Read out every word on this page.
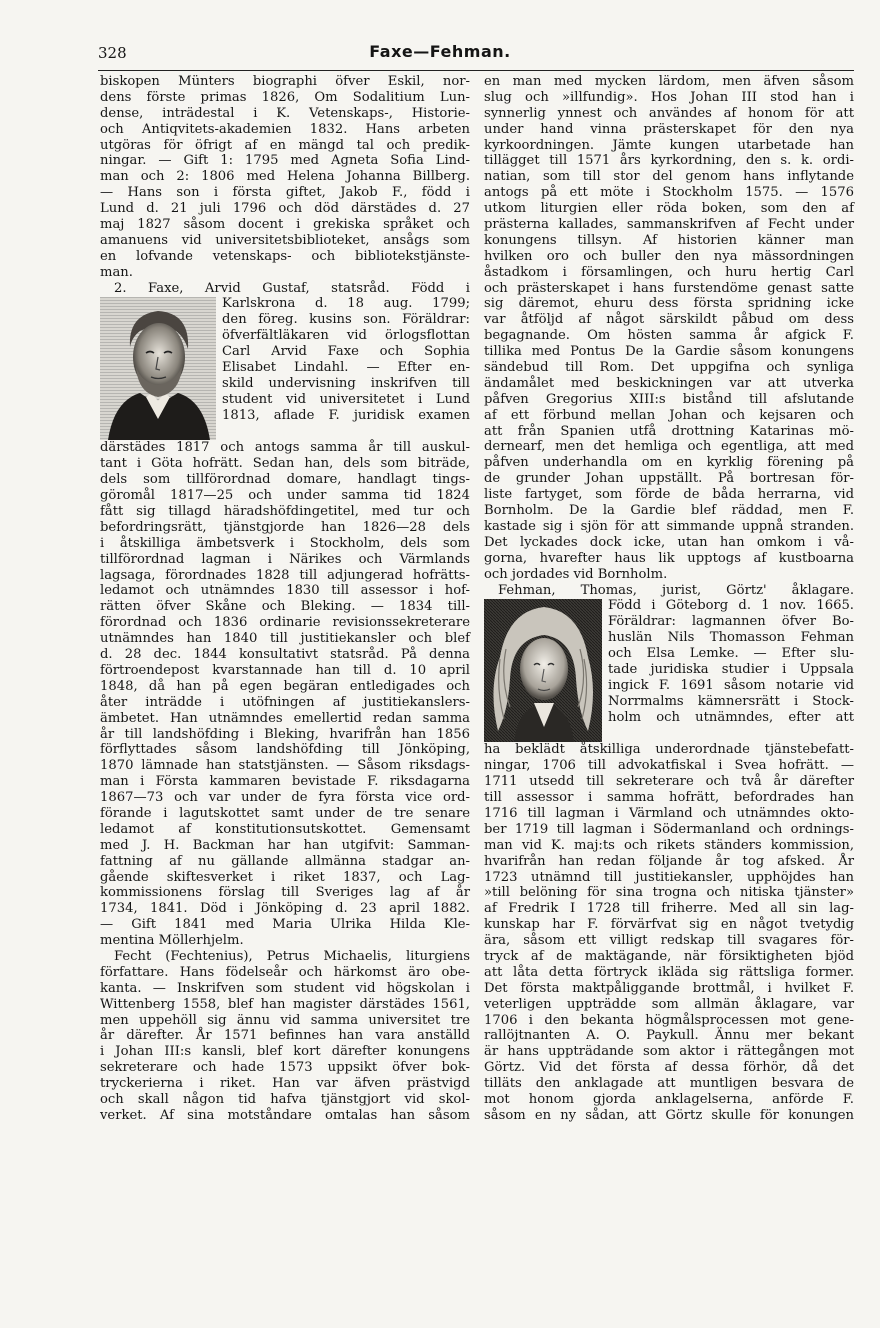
328	Faxe—Fehman.
biskopen Münters biographi öfver Eskil, nor-
dens förste primas 1826, Om Sodalitium Lun-
dense, inträdestal i K. Vetenskaps-, Historie-
och Antiqvitets-akademien 1832. Hans arbeten
utgöras för öfrigt af en mängd tal och predik-
ningar. — Gift 1: 1795 med Agneta Sofia Lind-
man och 2: 1806 med Helena Johanna Billberg.
— Hans son i första giftet, Jakob F., född i
Lund d. 21 juli 1796 och död därstädes d. 27
maj 1827 såsom docent i grekiska språket och
amanuens vid universitetsbiblioteket, ansågs som
en lofvande vetenskaps- och bibliotekstjänste-
man.
2. Faxe, Arvid Gustaf, statsråd. Född i
Karlskrona d. 18 aug. 1799;
den föreg. kusins son. Föräldrar:
öfverfältläkaren vid örlogsflottan
Carl Arvid Faxe och Sophia
Elisabet Lindahl. — Efter en-
skild undervisning inskrifven till
student vid universitetet i Lund
1813, aflade F. juridisk examen
därstädes 1817 och antogs samma år till auskul-
tant i Göta hofrätt. Sedan han, dels som biträde,
dels som tillförordnad domare, handlagt tings-
göromål 1817—25 och under samma tid 1824
fått sig tillagd häradshöfdingetitel, med tur och
befordringsrätt, tjänstgjorde han 1826—28 dels
i åtskilliga ämbetsverk i Stockholm, dels som
tillförordnad lagman i Närikes och Värmlands
lagsaga, förordnades 1828 till adjungerad hofrätts-
ledamot och utnämndes 1830 till assessor i hof-
rätten öfver Skåne och Bleking. — 1834 till-
förordnad och 1836 ordinarie revisionssekreterare
utnämndes han 1840 till justitiekansler och blef
d. 28 dec. 1844 konsultativt statsråd. På denna
förtroendepost kvarstannade han till d. 10 april
1848, då han på egen begäran entledigades och
åter inträdde i utöfningen af justitiekanslers-
ämbetet. Han utnämndes emellertid redan samma
år till landshöfding i Bleking, hvarifrån han 1856
förflyttades såsom landshöfding till Jönköping,
1870 lämnade han statstjänsten. — Såsom riksdags-
man i Första kammaren bevistade F. riksdagarna
1867—73 och var under de fyra första vice ord-
förande i lagutskottet samt under de tre senare
ledamot af konstitutionsutskottet. Gemensamt
med J. H. Backman har han utgifvit: Samman-
fattning af nu gällande allmänna stadgar an-
gående skiftesverket i riket 1837, och Lag-
kommissionens förslag till Sveriges lag af år
1734, 1841. Död i Jönköping d. 23 april 1882.
— Gift 1841 med Maria Ulrika Hilda Kle-
mentina Möllerhjelm.
Fecht (Fechtenius), Petrus Michaelis, liturgiens
författare. Hans födelseår och härkomst äro obe-
kanta. — Inskrifven som student vid högskolan i
Wittenberg 1558, blef han magister därstädes 1561,
men uppehöll sig ännu vid samma universitet tre
år därefter. År 1571 befinnes han vara anställd
i Johan III:s kansli, blef kort därefter konungens
sekreterare och hade 1573 uppsikt öfver bok-
tryckerierna i riket. Han var äfven prästvigd
och skall någon tid hafva tjänstgjort vid skol-
verket. Af sina motståndare omtalas han såsom
en man med mycken lärdom, men äfven såsom
slug och »illfundig». Hos Johan III stod han i
synnerlig ynnest och användes af honom för att
under hand vinna prästerskapet för den nya
kyrkoordningen. Jämte kungen utarbetade han
tillägget till 1571 års kyrkordning, den s. k. ordi-
natian, som till stor del genom hans inflytande
antogs på ett möte i Stockholm 1575. — 1576
utkom liturgien eller röda boken, som den af
prästerna kallades, sammanskrifven af Fecht under
konungens tillsyn. Af historien känner man
hvilken oro och buller den nya mässordningen
åstadkom i församlingen, och huru hertig Carl
och prästerskapet i hans furstendöme genast satte
sig däremot, ehuru dess första spridning icke
var åtföljd af något särskildt påbud om dess
begagnande. Om hösten samma år afgick F.
tillika med Pontus De la Gardie såsom konungens
sändebud till Rom. Det uppgifna och synliga
ändamålet med beskickningen var att utverka
påfven Gregorius XIII:s bistånd till afslutande
af ett förbund mellan Johan och kejsaren och
att från Spanien utfå drottning Katarinas mö-
dernearf, men det hemliga och egentliga, att med
påfven underhandla om en kyrklig förening på
de grunder Johan uppställt. På bortresan för-
liste fartyget, som förde de båda herrarna, vid
Bornholm. De la Gardie blef räddad, men F.
kastade sig i sjön för att simmande uppnå stranden.
Det lyckades dock icke, utan han omkom i vå-
gorna, hvarefter haus lik upptogs af kustboarna
och jordades vid Bornholm.
Fehman, Thomas, jurist, Görtz' åklagare.
Född i Göteborg d. 1 nov. 1665.
Föräldrar: lagmannen öfver Bo-
huslän Nils Thomasson Fehman
och Elsa Lemke. — Efter slu-
tade juridiska studier i Uppsala
ingick F. 1691 såsom notarie vid
Norrmalms kämnersrätt i Stock-
holm och utnämndes, efter att
ha beklädt åtskilliga underordnade tjänstebefatt-
ningar, 1706 till advokatfiskal i Svea hofrätt. —
1711 utsedd till sekreterare och två år därefter
till assessor i samma hofrätt, befordrades han
1716 till lagman i Värmland och utnämndes okto-
ber 1719 till lagman i Södermanland och ordnings-
man vid K. maj:ts och rikets ständers kommission,
hvarifrån han redan följande år tog afsked. År
1723 utnämnd till justitiekansler, upphöjdes han
»till belöning för sina trogna och nitiska tjänster»
af Fredrik I 1728 till friherre. Med all sin lag-
kunskap har F. förvärfvat sig en något tvetydig
ära, såsom ett villigt redskap till svagares för-
tryck af de maktägande, när försiktigheten bjöd
att låta detta förtryck ikläda sig rättsliga former.
Det första maktpåliggande brottmål, i hvilket F.
veterligen uppträdde som allmän åklagare, var
1706 i den bekanta högmålsprocessen mot gene-
rallöjtnanten A. O. Paykull. Ännu mer bekant
är hans uppträdande som aktor i rättegången mot
Görtz. Vid det första af dessa förhör, då det
tilläts den anklagade att muntligen besvara de
mot honom gjorda anklagelserna, anförde F.
såsom en ny sådan, att Görtz skulle för konungen
